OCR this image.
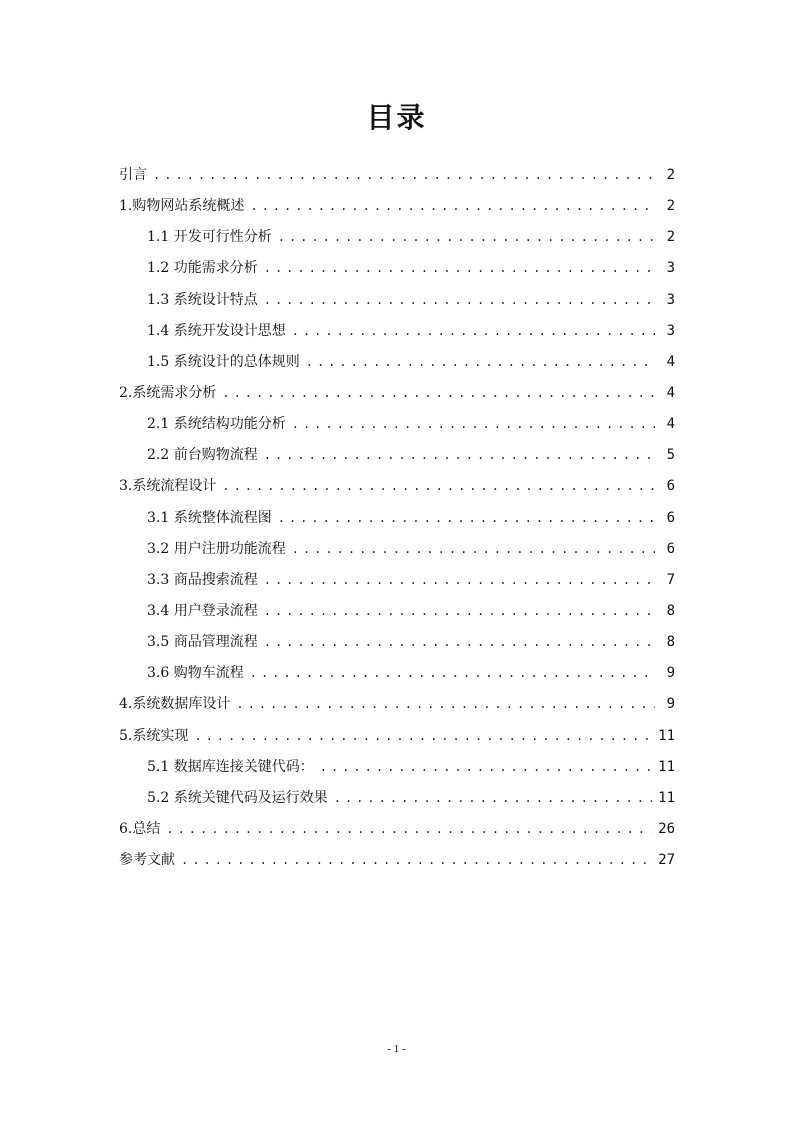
目录
引言 .....	2
1.购物网站系统概述 .....	2
1.1 开发可行性分析 .....	2
1.2 功能需求分析 .....	3
1.3 系统设计特点 .....	3
1.4 系统开发设计思想 .....	3
1.5 系统设计的总体规则 .....	4
2.系统需求分析 .....	4
2.1 系统结构功能分析 .....	4
2.2 前台购物流程 .....	5
3.系统流程设计 .....	6
3.1 系统整体流程图 .....	6
3.2 用户注册功能流程 .....	6
3.3 商品搜索流程 .....	7
3.4 用户登录流程 .....	8
3.5 商品管理流程 .....	8
3.6 购物车流程 .....	9
4.系统数据库设计 .....	9
5.系统实现 .....	11
5.1 数据库连接关键代码： .....	11
5.2 系统关键代码及运行效果 .....	11
6.总结 .....	26
参考文献 .....	27
- 1 -
